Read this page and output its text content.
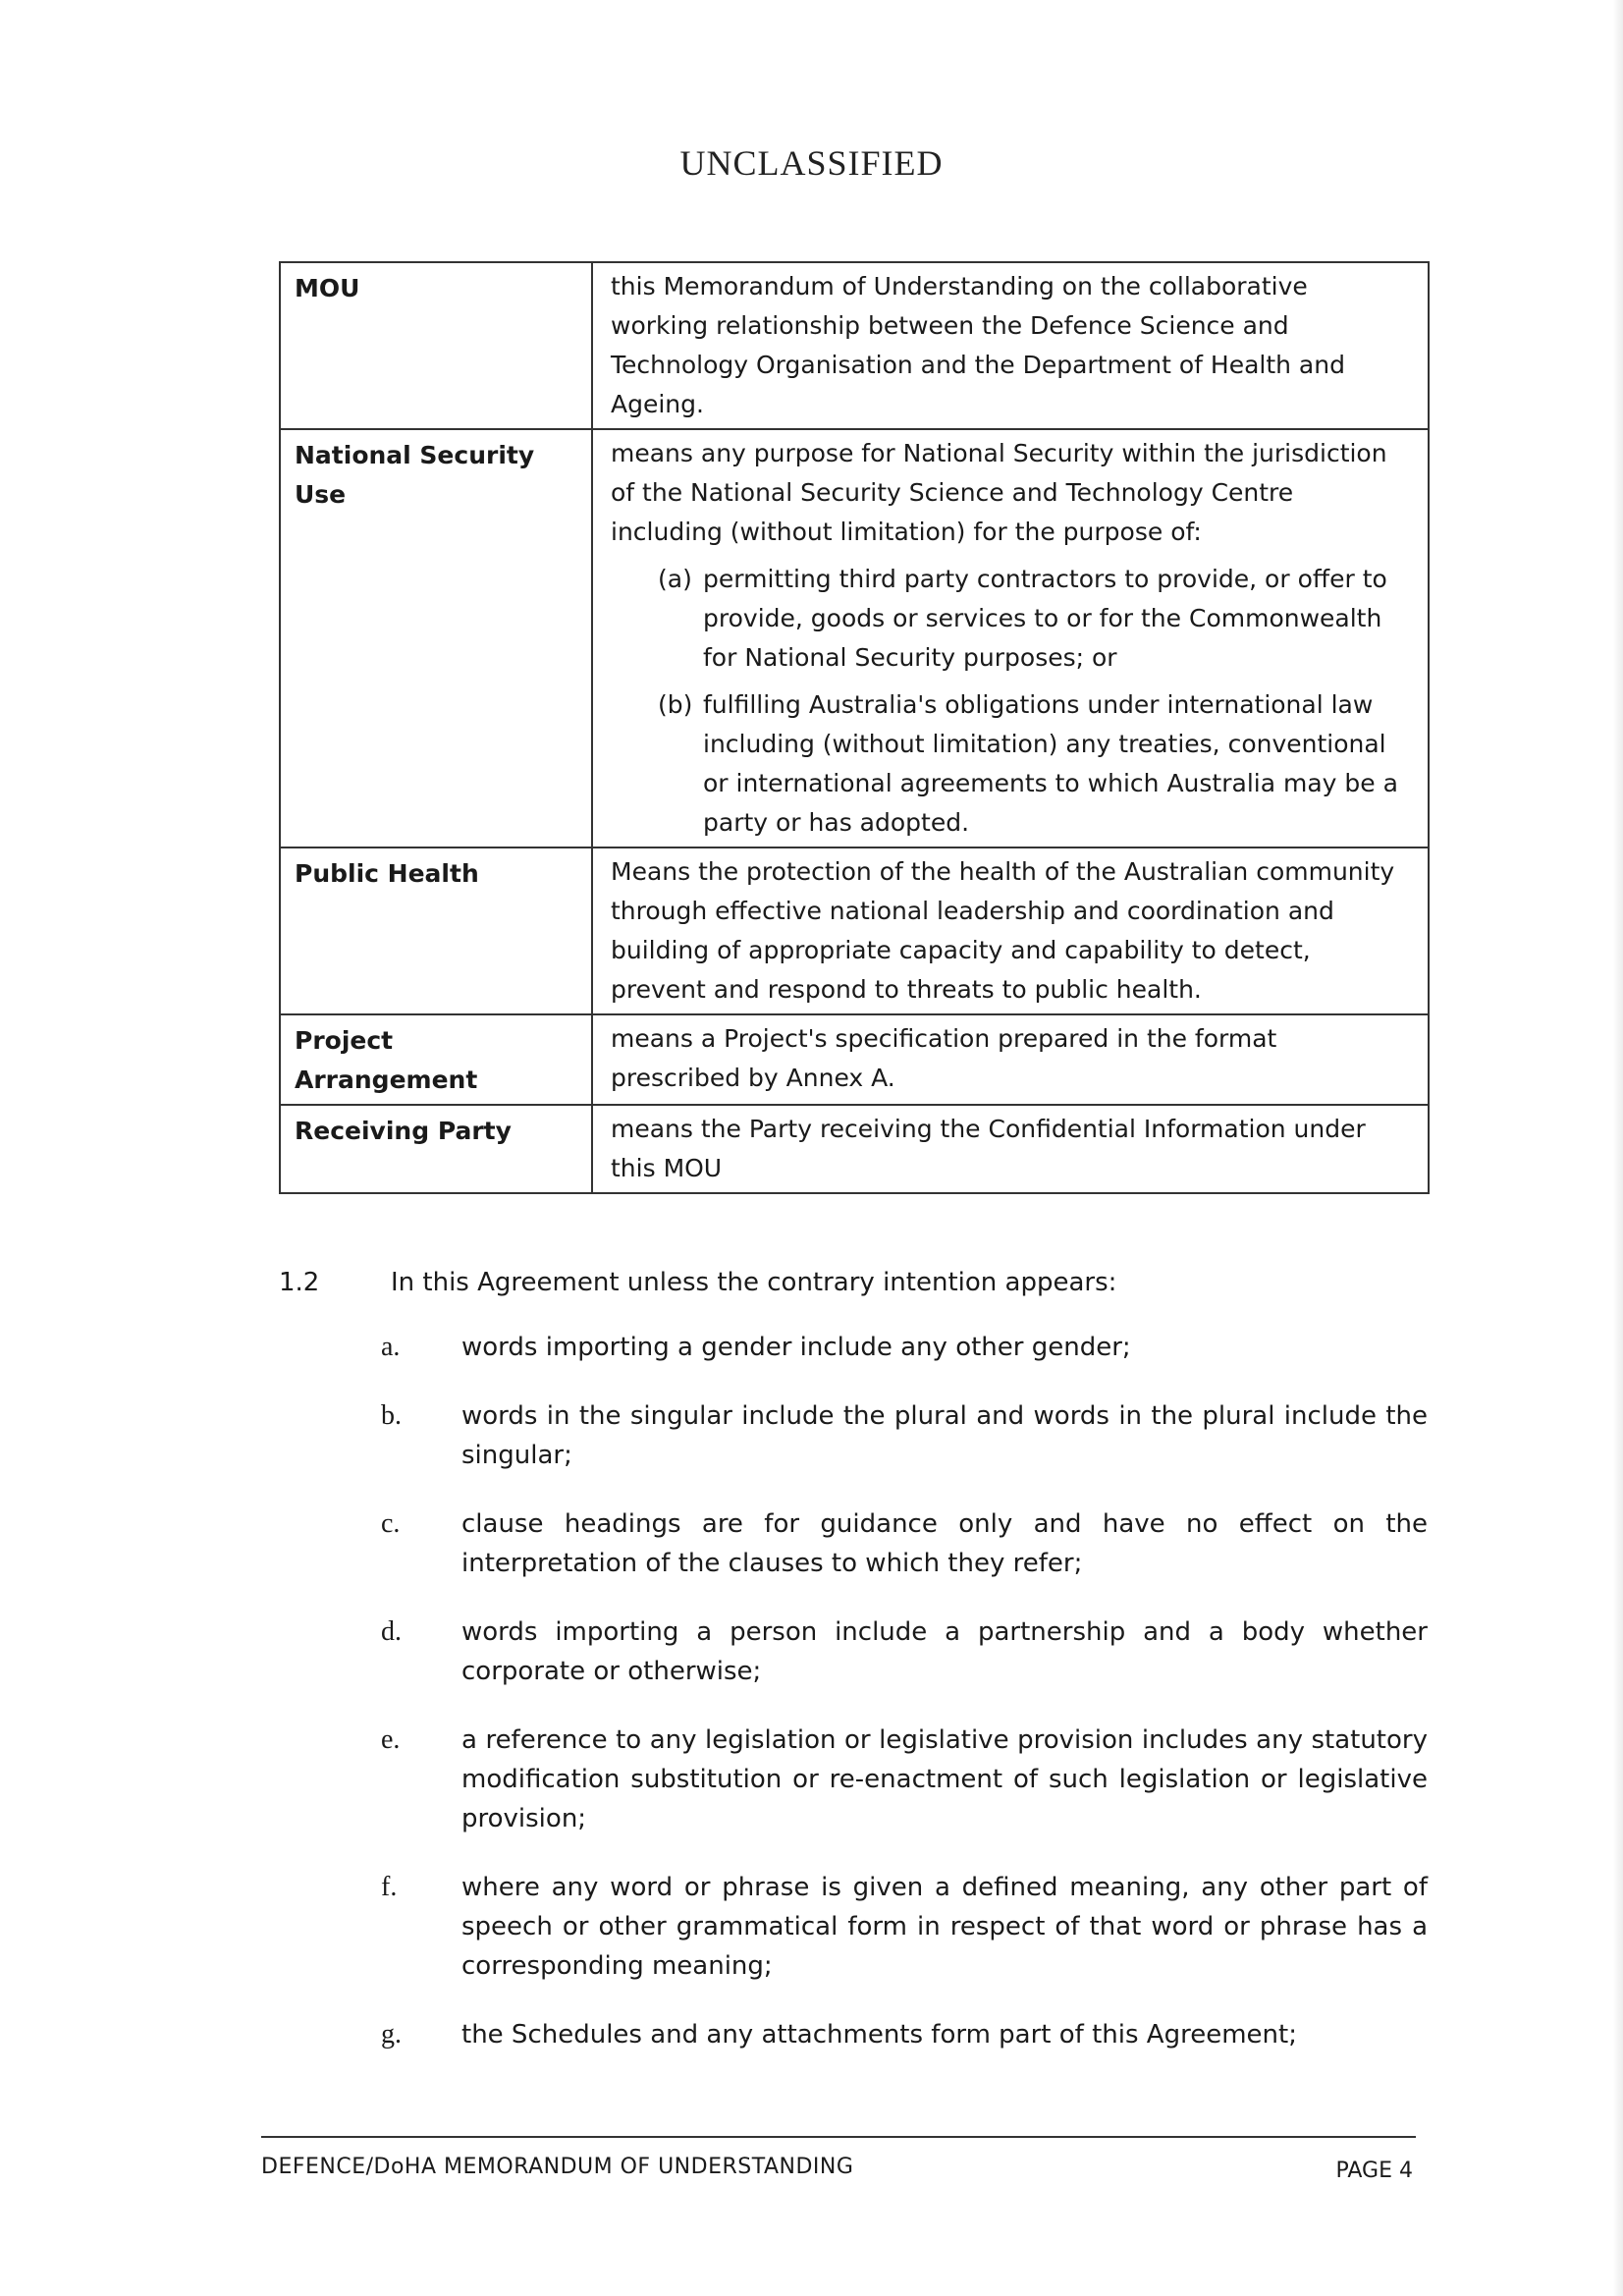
UNCLASSIFIED
MOU	this Memorandum of Understanding on the collaborative working relationship between the Defence Science and Technology Organisation and the Department of Health and Ageing.
National Security Use	means any purpose for National Security within the jurisdiction of the National Security Science and Technology Centre including (without limitation) for the purpose of:
(a) permitting third party contractors to provide, or offer to provide, goods or services to or for the Commonwealth for National Security purposes; or
(b) fulfilling Australia's obligations under international law including (without limitation) any treaties, conventional or international agreements to which Australia may be a party or has adopted.

Public Health	Means the protection of the health of the Australian community through effective national leadership and coordination and building of appropriate capacity and capability to detect, prevent and respond to threats to public health.
Project Arrangement	means a Project's specification prepared in the format prescribed by Annex A.
Receiving Party	means the Party receiving the Confidential Information under this MOU
1.2	In this Agreement unless the contrary intention appears:
a.	words importing a gender include any other gender;
b.	words in the singular include the plural and words in the plural include the singular;
c.	clause headings are for guidance only and have no effect on the interpretation of the clauses to which they refer;
d.	words importing a person include a partnership and a body whether corporate or otherwise;
e.	a reference to any legislation or legislative provision includes any statutory modification substitution or re-enactment of such legislation or legislative provision;
f.	where any word or phrase is given a defined meaning, any other part of speech or other grammatical form in respect of that word or phrase has a corresponding meaning;
g.	the Schedules and any attachments form part of this Agreement;
DEFENCE/DoHA MEMORANDUM OF UNDERSTANDING	PAGE 4
